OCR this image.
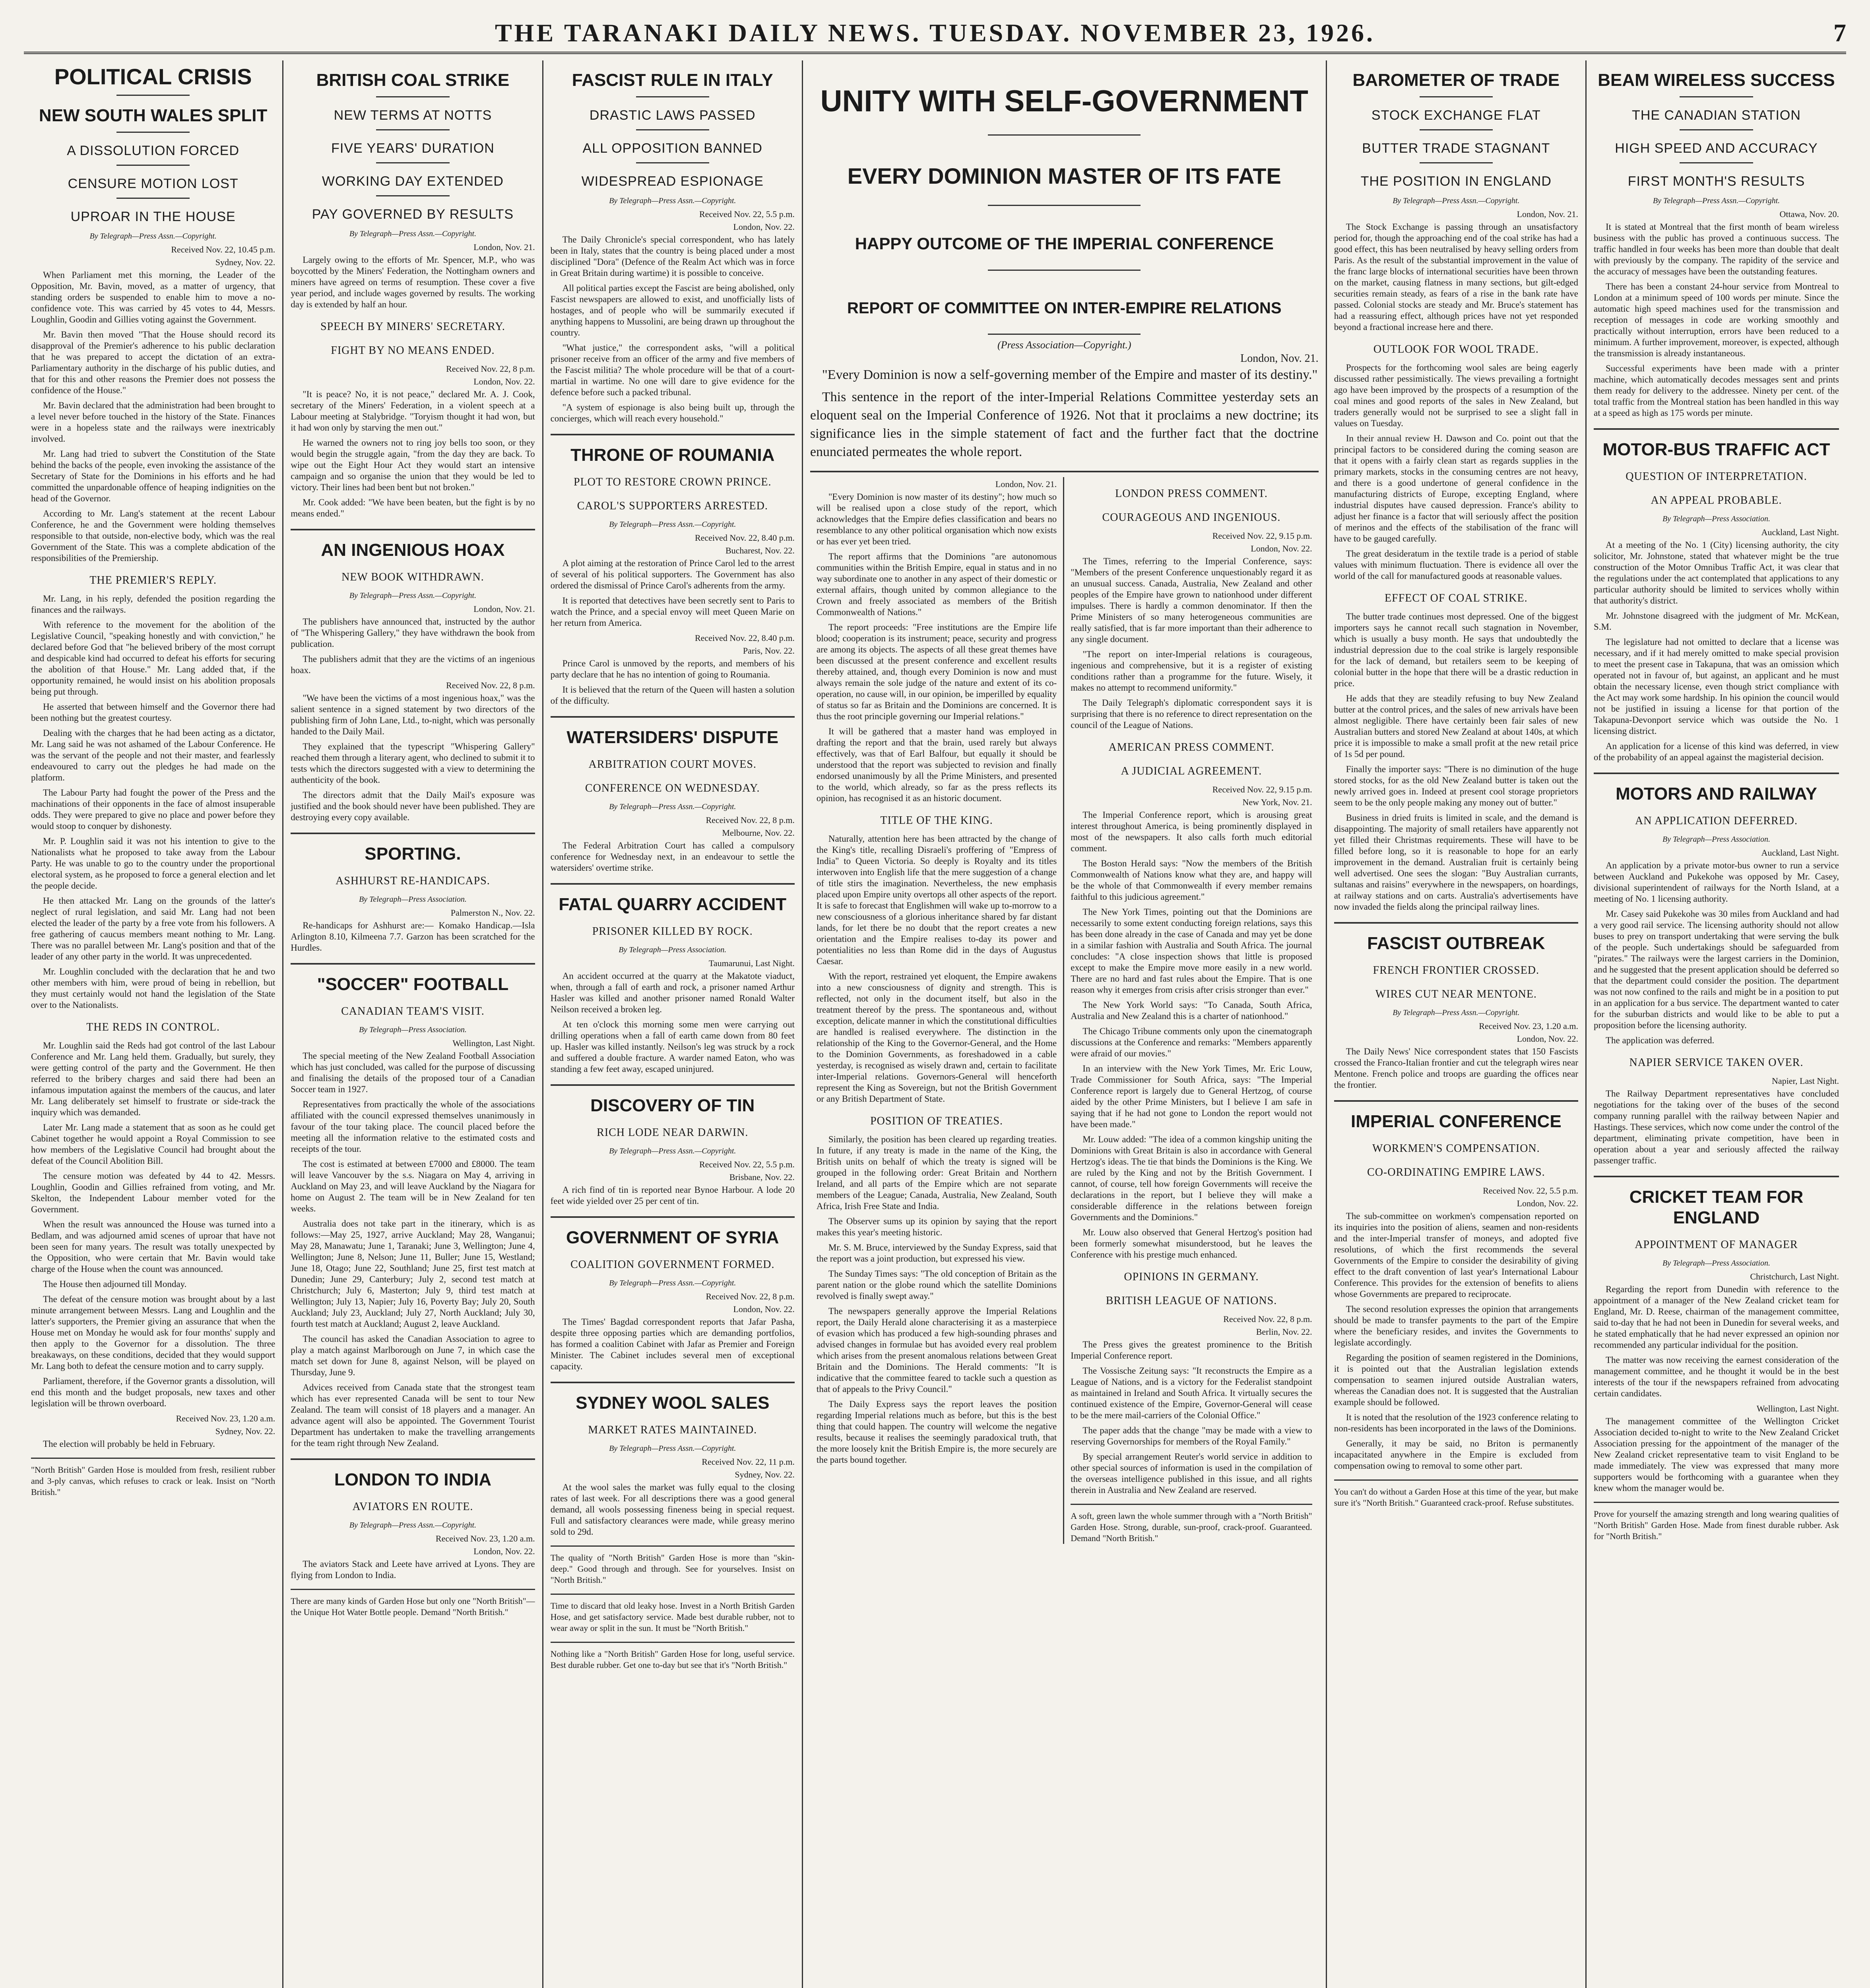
THE TARANAKI DAILY NEWS. TUESDAY. NOVEMBER 23, 1926.	7
POLITICAL CRISIS
NEW SOUTH WALES SPLIT
A DISSOLUTION FORCED
CENSURE MOTION LOST
UPROAR IN THE HOUSE
By Telegraph—Press Assn.—Copyright.
Received Nov. 22, 10.45 p.m.
Sydney, Nov. 22.

When Parliament met this morning, the Leader of the Opposition, Mr. Bavin, moved, as a matter of urgency, that standing orders be suspended to enable him to move a no-confidence vote. This was carried by 45 votes to 44, Messrs. Loughlin, Goodin and Gillies voting against the Government.

Mr. Bavin then moved "That the House should record its disapproval of the Premier's adherence to his public declaration that he was prepared to accept the dictation of an extra-Parliamentary authority in the discharge of his public duties, and that for this and other reasons the Premier does not possess the confidence of the House."

Mr. Bavin declared that the administration had been brought to a level never before touched in the history of the State. Finances were in a hopeless state and the railways were inextricably involved.

Mr. Lang had tried to subvert the Constitution of the State behind the backs of the people, even invoking the assistance of the Secretary of State for the Dominions in his efforts and he had committed the unpardonable offence of heaping indignities on the head of the Governor.

According to Mr. Lang's statement at the recent Labour Conference, he and the Government were holding themselves responsible to that outside, non-elective body, which was the real Government of the State. This was a complete abdication of the responsibilities of the Premiership.

THE PREMIER'S REPLY.

Mr. Lang, in his reply, defended the position regarding the finances and the railways.

With reference to the movement for the abolition of the Legislative Council, "speaking honestly and with conviction," he declared before God that "he believed bribery of the most corrupt and despicable kind had occurred to defeat his efforts for securing the abolition of that House." Mr. Lang added that, if the opportunity remained, he would insist on his abolition proposals being put through.

He asserted that between himself and the Governor there had been nothing but the greatest courtesy.

Dealing with the charges that he had been acting as a dictator, Mr. Lang said he was not ashamed of the Labour Conference. He was the servant of the people and not their master, and fearlessly endeavoured to carry out the pledges he had made on the platform.

The Labour Party had fought the power of the Press and the machinations of their opponents in the face of almost insuperable odds. They were prepared to give no place and power before they would stoop to conquer by dishonesty.

Mr. P. Loughlin said it was not his intention to give to the Nationalists what he proposed to take away from the Labour Party. He was unable to go to the country under the proportional electoral system, as he proposed to force a general election and let the people decide.

He then attacked Mr. Lang on the grounds of the latter's neglect of rural legislation, and said Mr. Lang had not been elected the leader of the party by a free vote from his followers. A free gathering of caucus members meant nothing to Mr. Lang. There was no parallel between Mr. Lang's position and that of the leader of any other party in the world. It was unprecedented.

Mr. Loughlin concluded with the declaration that he and two other members with him, were proud of being in rebellion, but they must certainly would not hand the legislation of the State over to the Nationalists.

THE REDS IN CONTROL.

Mr. Loughlin said the Reds had got control of the last Labour Conference and Mr. Lang held them. Gradually, but surely, they were getting control of the party and the Government. He then referred to the bribery charges and said there had been an infamous imputation against the members of the caucus, and later Mr. Lang deliberately set himself to frustrate or side-track the inquiry which was demanded.

Later Mr. Lang made a statement that as soon as he could get Cabinet together he would appoint a Royal Commission to see how members of the Legislative Council had brought about the defeat of the Council Abolition Bill.

The censure motion was defeated by 44 to 42. Messrs. Loughlin, Goodin and Gillies refrained from voting, and Mr. Skelton, the Independent Labour member voted for the Government.

When the result was announced the House was turned into a Bedlam, and was adjourned amid scenes of uproar that have not been seen for many years. The result was totally unexpected by the Opposition, who were certain that Mr. Bavin would take charge of the House when the count was announced.

The House then adjourned till Monday.

The defeat of the censure motion was brought about by a last minute arrangement between Messrs. Lang and Loughlin and the latter's supporters, the Premier giving an assurance that when the House met on Monday he would ask for four months' supply and then apply to the Governor for a dissolution. The three breakaways, on these conditions, decided that they would support Mr. Lang both to defeat the censure motion and to carry supply.

Parliament, therefore, if the Governor grants a dissolution, will end this month and the budget proposals, new taxes and other legislation will be thrown overboard.

Received Nov. 23, 1.20 a.m.
Sydney, Nov. 22.

The election will probably be held in February.

"North British" Garden Hose is moulded from fresh, resilient rubber and 3-ply canvas, which refuses to crack or leak. Insist on "North British."
BRITISH COAL STRIKE
NEW TERMS AT NOTTS
FIVE YEARS' DURATION
WORKING DAY EXTENDED
PAY GOVERNED BY RESULTS
By Telegraph—Press Assn.—Copyright.
London, Nov. 21.

Largely owing to the efforts of Mr. Spencer, M.P., who was boycotted by the Miners' Federation, the Nottingham owners and miners have agreed on terms of resumption. These cover a five year period, and include wages governed by results. The working day is extended by half an hour.

SPEECH BY MINERS' SECRETARY.
FIGHT BY NO MEANS ENDED.
Received Nov. 22, 8 p.m.
London, Nov. 22.

"It is peace? No, it is not peace," declared Mr. A. J. Cook, secretary of the Miners' Federation, in a violent speech at a Labour meeting at Stalybridge. "Toryism thought it had won, but it had won only by starving the men out."

He warned the owners not to ring joy bells too soon, or they would begin the struggle again, "from the day they are back. To wipe out the Eight Hour Act they would start an intensive campaign and so organise the union that they would be led to victory. Their lines had been bent but not broken."

Mr. Cook added: "We have been beaten, but the fight is by no means ended."

AN INGENIOUS HOAX
NEW BOOK WITHDRAWN.
By Telegraph—Press Assn.—Copyright.
London, Nov. 21.

The publishers have announced that, instructed by the author of "The Whispering Gallery," they have withdrawn the book from publication.

The publishers admit that they are the victims of an ingenious hoax.

Received Nov. 22, 8 p.m.

"We have been the victims of a most ingenious hoax," was the salient sentence in a signed statement by two directors of the publishing firm of John Lane, Ltd., to-night, which was personally handed to the Daily Mail.

They explained that the typescript "Whispering Gallery" reached them through a literary agent, who declined to submit it to tests which the directors suggested with a view to determining the authenticity of the book.

The directors admit that the Daily Mail's exposure was justified and the book should never have been published. They are destroying every copy available.

SPORTING.
ASHHURST RE-HANDICAPS.
By Telegraph—Press Association.
Palmerston N., Nov. 22.

Re-handicaps for Ashhurst are:— Komako Handicap.—Isla Arlington 8.10, Kilmeena 7.7. Garzon has been scratched for the Hurdles.

"SOCCER" FOOTBALL
CANADIAN TEAM'S VISIT.
By Telegraph—Press Association.
Wellington, Last Night.

The special meeting of the New Zealand Football Association which has just concluded, was called for the purpose of discussing and finalising the details of the proposed tour of a Canadian Soccer team in 1927.

Representatives from practically the whole of the associations affiliated with the council expressed themselves unanimously in favour of the tour taking place. The council placed before the meeting all the information relative to the estimated costs and receipts of the tour.

The cost is estimated at between £7000 and £8000. The team will leave Vancouver by the s.s. Niagara on May 4, arriving in Auckland on May 23, and will leave Auckland by the Niagara for home on August 2. The team will be in New Zealand for ten weeks.

Australia does not take part in the itinerary, which is as follows:—May 25, 1927, arrive Auckland; May 28, Wanganui; May 28, Manawatu; June 1, Taranaki; June 3, Wellington; June 4, Wellington; June 8, Nelson; June 11, Buller; June 15, Westland; June 18, Otago; June 22, Southland; June 25, first test match at Dunedin; June 29, Canterbury; July 2, second test match at Christchurch; July 6, Masterton; July 9, third test match at Wellington; July 13, Napier; July 16, Poverty Bay; July 20, South Auckland; July 23, Auckland; July 27, North Auckland; July 30, fourth test match at Auckland; August 2, leave Auckland.

The council has asked the Canadian Association to agree to play a match against Marlborough on June 7, in which case the match set down for June 8, against Nelson, will be played on Thursday, June 9.

Advices received from Canada state that the strongest team which has ever represented Canada will be sent to tour New Zealand. The team will consist of 18 players and a manager. An advance agent will also be appointed. The Government Tourist Department has undertaken to make the travelling arrangements for the team right through New Zealand.

LONDON TO INDIA
AVIATORS EN ROUTE.
By Telegraph—Press Assn.—Copyright.
Received Nov. 23, 1.20 a.m.
London, Nov. 22.

The aviators Stack and Leete have arrived at Lyons. They are flying from London to India.

There are many kinds of Garden Hose but only one "North British"—the Unique Hot Water Bottle people. Demand "North British."
FASCIST RULE IN ITALY
DRASTIC LAWS PASSED
ALL OPPOSITION BANNED
WIDESPREAD ESPIONAGE
By Telegraph—Press Assn.—Copyright.
Received Nov. 22, 5.5 p.m.
London, Nov. 22.

The Daily Chronicle's special correspondent, who has lately been in Italy, states that the country is being placed under a most disciplined "Dora" (Defence of the Realm Act which was in force in Great Britain during wartime) it is possible to conceive.

All political parties except the Fascist are being abolished, only Fascist newspapers are allowed to exist, and unofficially lists of hostages, and of people who will be summarily executed if anything happens to Mussolini, are being drawn up throughout the country.

"What justice," the correspondent asks, "will a political prisoner receive from an officer of the army and five members of the Fascist militia? The whole procedure will be that of a court-martial in wartime. No one will dare to give evidence for the defence before such a packed tribunal.

"A system of espionage is also being built up, through the concierges, which will reach every household."

THRONE OF ROUMANIA
PLOT TO RESTORE CROWN PRINCE.
CAROL'S SUPPORTERS ARRESTED.
By Telegraph—Press Assn.—Copyright.
Received Nov. 22, 8.40 p.m.
Bucharest, Nov. 22.

A plot aiming at the restoration of Prince Carol led to the arrest of several of his political supporters. The Government has also ordered the dismissal of Prince Carol's adherents from the army.

It is reported that detectives have been secretly sent to Paris to watch the Prince, and a special envoy will meet Queen Marie on her return from America.

Received Nov. 22, 8.40 p.m.
Paris, Nov. 22.

Prince Carol is unmoved by the reports, and members of his party declare that he has no intention of going to Roumania.

It is believed that the return of the Queen will hasten a solution of the difficulty.

WATERSIDERS' DISPUTE
ARBITRATION COURT MOVES.
CONFERENCE ON WEDNESDAY.
By Telegraph—Press Assn.—Copyright.
Received Nov. 22, 8 p.m.
Melbourne, Nov. 22.

The Federal Arbitration Court has called a compulsory conference for Wednesday next, in an endeavour to settle the watersiders' overtime strike.

FATAL QUARRY ACCIDENT
PRISONER KILLED BY ROCK.
By Telegraph—Press Association.
Taumarunui, Last Night.

An accident occurred at the quarry at the Makatote viaduct, when, through a fall of earth and rock, a prisoner named Arthur Hasler was killed and another prisoner named Ronald Walter Neilson received a broken leg.

At ten o'clock this morning some men were carrying out drilling operations when a fall of earth came down from 80 feet up. Hasler was killed instantly. Neilson's leg was struck by a rock and suffered a double fracture. A warder named Eaton, who was standing a few feet away, escaped uninjured.

DISCOVERY OF TIN
RICH LODE NEAR DARWIN.
By Telegraph—Press Assn.—Copyright.
Received Nov. 22, 5.5 p.m.
Brisbane, Nov. 22.

A rich find of tin is reported near Bynoe Harbour. A lode 20 feet wide yielded over 25 per cent of tin.

GOVERNMENT OF SYRIA
COALITION GOVERNMENT FORMED.
By Telegraph—Press Assn.—Copyright.
Received Nov. 22, 8 p.m.
London, Nov. 22.

The Times' Bagdad correspondent reports that Jafar Pasha, despite three opposing parties which are demanding portfolios, has formed a coalition Cabinet with Jafar as Premier and Foreign Minister. The Cabinet includes several men of exceptional capacity.

SYDNEY WOOL SALES
MARKET RATES MAINTAINED.
By Telegraph—Press Assn.—Copyright.
Received Nov. 22, 11 p.m.
Sydney, Nov. 22.

At the wool sales the market was fully equal to the closing rates of last week. For all descriptions there was a good general demand, all wools possessing fineness being in special request. Full and satisfactory clearances were made, while greasy merino sold to 29d.

The quality of "North British" Garden Hose is more than "skin-deep." Good through and through. See for yourselves. Insist on "North British."
Time to discard that old leaky hose. Invest in a North British Garden Hose, and get satisfactory service. Made best durable rubber, not to wear away or split in the sun. It must be "North British."
Nothing like a "North British" Garden Hose for long, useful service. Best durable rubber. Get one to-day but see that it's "North British."
UNITY WITH SELF-GOVERNMENT
EVERY DOMINION MASTER OF ITS FATE
HAPPY OUTCOME OF THE IMPERIAL CONFERENCE
REPORT OF COMMITTEE ON INTER-EMPIRE RELATIONS
(Press Association—Copyright.)
London, Nov. 21.

"Every Dominion is now a self-governing member of the Empire and master of its destiny."

This sentence in the report of the inter-Imperial Relations Committee yesterday sets an eloquent seal on the Imperial Conference of 1926. Not that it proclaims a new doctrine; its significance lies in the simple statement of fact and the further fact that the doctrine enunciated permeates the whole report.

London, Nov. 21.

"Every Dominion is now master of its destiny"; how much so will be realised upon a close study of the report, which acknowledges that the Empire defies classification and bears no resemblance to any other political organisation which now exists or has ever yet been tried.

The report affirms that the Dominions "are autonomous communities within the British Empire, equal in status and in no way subordinate one to another in any aspect of their domestic or external affairs, though united by common allegiance to the Crown and freely associated as members of the British Commonwealth of Nations."

The report proceeds: "Free institutions are the Empire life blood; cooperation is its instrument; peace, security and progress are among its objects. The aspects of all these great themes have been discussed at the present conference and excellent results thereby attained, and, though every Dominion is now and must always remain the sole judge of the nature and extent of its co-operation, no cause will, in our opinion, be imperilled by equality of status so far as Britain and the Dominions are concerned. It is thus the root principle governing our Imperial relations."

It will be gathered that a master hand was employed in drafting the report and that the brain, used rarely but always effectively, was that of Earl Balfour, but equally it should be understood that the report was subjected to revision and finally endorsed unanimously by all the Prime Ministers, and presented to the world, which already, so far as the press reflects its opinion, has recognised it as an historic document.

TITLE OF THE KING.

Naturally, attention here has been attracted by the change of the King's title, recalling Disraeli's proffering of "Empress of India" to Queen Victoria. So deeply is Royalty and its titles interwoven into English life that the mere suggestion of a change of title stirs the imagination. Nevertheless, the new emphasis placed upon Empire unity overtops all other aspects of the report. It is safe to forecast that Englishmen will wake up to-morrow to a new consciousness of a glorious inheritance shared by far distant lands, for let there be no doubt that the report creates a new orientation and the Empire realises to-day its power and potentialities no less than Rome did in the days of Augustus Caesar.

With the report, restrained yet eloquent, the Empire awakens into a new consciousness of dignity and strength. This is reflected, not only in the document itself, but also in the treatment thereof by the press. The spontaneous and, without exception, delicate manner in which the constitutional difficulties are handled is realised everywhere. The distinction in the relationship of the King to the Governor-General, and the Home to the Dominion Governments, as foreshadowed in a cable yesterday, is recognised as wisely drawn and, certain to facilitate inter-Imperial relations. Governors-General will henceforth represent the King as Sovereign, but not the British Government or any British Department of State.

POSITION OF TREATIES.

Similarly, the position has been cleared up regarding treaties. In future, if any treaty is made in the name of the King, the British units on behalf of which the treaty is signed will be grouped in the following order: Great Britain and Northern Ireland, and all parts of the Empire which are not separate members of the League; Canada, Australia, New Zealand, South Africa, Irish Free State and India.

The Observer sums up its opinion by saying that the report makes this year's meeting historic.

Mr. S. M. Bruce, interviewed by the Sunday Express, said that the report was a joint production, but expressed his view.

The Sunday Times says: "The old conception of Britain as the parent nation or the globe round which the satellite Dominions revolved is finally swept away."

The newspapers generally approve the Imperial Relations report, the Daily Herald alone characterising it as a masterpiece of evasion which has produced a few high-sounding phrases and advised changes in formulae but has avoided every real problem which arises from the present anomalous relations between Great Britain and the Dominions. The Herald comments: "It is indicative that the committee feared to tackle such a question as that of appeals to the Privy Council."

The Daily Express says the report leaves the position regarding Imperial relations much as before, but this is the best thing that could happen. The country will welcome the negative results, because it realises the seemingly paradoxical truth, that the more loosely knit the British Empire is, the more securely are the parts bound together.

LONDON PRESS COMMENT.
COURAGEOUS AND INGENIOUS.
Received Nov. 22, 9.15 p.m.
London, Nov. 22.

The Times, referring to the Imperial Conference, says: "Members of the present Conference unquestionably regard it as an unusual success. Canada, Australia, New Zealand and other peoples of the Empire have grown to nationhood under different impulses. There is hardly a common denominator. If then the Prime Ministers of so many heterogeneous communities are really satisfied, that is far more important than their adherence to any single document.

"The report on inter-Imperial relations is courageous, ingenious and comprehensive, but it is a register of existing conditions rather than a programme for the future. Wisely, it makes no attempt to recommend uniformity."

The Daily Telegraph's diplomatic correspondent says it is surprising that there is no reference to direct representation on the council of the League of Nations.

AMERICAN PRESS COMMENT.
A JUDICIAL AGREEMENT.
Received Nov. 22, 9.15 p.m.
New York, Nov. 21.

The Imperial Conference report, which is arousing great interest throughout America, is being prominently displayed in most of the newspapers. It also calls forth much editorial comment.

The Boston Herald says: "Now the members of the British Commonwealth of Nations know what they are, and happy will be the whole of that Commonwealth if every member remains faithful to this judicious agreement."

The New York Times, pointing out that the Dominions are necessarily to some extent conducting foreign relations, says this has been done already in the case of Canada and may yet be done in a similar fashion with Australia and South Africa. The journal concludes: "A close inspection shows that little is proposed except to make the Empire move more easily in a new world. There are no hard and fast rules about the Empire. That is one reason why it emerges from crisis after crisis stronger than ever."

The New York World says: "To Canada, South Africa, Australia and New Zealand this is a charter of nationhood."

The Chicago Tribune comments only upon the cinematograph discussions at the Conference and remarks: "Members apparently were afraid of our movies."

In an interview with the New York Times, Mr. Eric Louw, Trade Commissioner for South Africa, says: "The Imperial Conference report is largely due to General Hertzog, of course aided by the other Prime Ministers, but I believe I am safe in saying that if he had not gone to London the report would not have been made."

Mr. Louw added: "The idea of a common kingship uniting the Dominions with Great Britain is also in accordance with General Hertzog's ideas. The tie that binds the Dominions is the King. We are ruled by the King and not by the British Government. I cannot, of course, tell how foreign Governments will receive the declarations in the report, but I believe they will make a considerable difference in the relations between foreign Governments and the Dominions."

Mr. Louw also observed that General Hertzog's position had been formerly somewhat misunderstood, but he leaves the Conference with his prestige much enhanced.

OPINIONS IN GERMANY.
BRITISH LEAGUE OF NATIONS.
Received Nov. 22, 8 p.m.
Berlin, Nov. 22.

The Press gives the greatest prominence to the British Imperial Conference report.

The Vossische Zeitung says: "It reconstructs the Empire as a League of Nations, and is a victory for the Federalist standpoint as maintained in Ireland and South Africa. It virtually secures the continued existence of the Empire, Governor-General will cease to be the mere mail-carriers of the Colonial Office."

The paper adds that the change "may be made with a view to reserving Governorships for members of the Royal Family."

By special arrangement Reuter's world service in addition to other special sources of information is used in the compilation of the overseas intelligence published in this issue, and all rights therein in Australia and New Zealand are reserved.

A soft, green lawn the whole summer through with a "North British" Garden Hose. Strong, durable, sun-proof, crack-proof. Guaranteed. Demand "North British."
BAROMETER OF TRADE
STOCK EXCHANGE FLAT
BUTTER TRADE STAGNANT
THE POSITION IN ENGLAND
By Telegraph—Press Assn.—Copyright.
London, Nov. 21.

The Stock Exchange is passing through an unsatisfactory period for, though the approaching end of the coal strike has had a good effect, this has been neutralised by heavy selling orders from Paris. As the result of the substantial improvement in the value of the franc large blocks of international securities have been thrown on the market, causing flatness in many sections, but gilt-edged securities remain steady, as fears of a rise in the bank rate have passed. Colonial stocks are steady and Mr. Bruce's statement has had a reassuring effect, although prices have not yet responded beyond a fractional increase here and there.

OUTLOOK FOR WOOL TRADE.

Prospects for the forthcoming wool sales are being eagerly discussed rather pessimistically. The views prevailing a fortnight ago have been improved by the prospects of a resumption of the coal mines and good reports of the sales in New Zealand, but traders generally would not be surprised to see a slight fall in values on Tuesday.

In their annual review H. Dawson and Co. point out that the principal factors to be considered during the coming season are that it opens with a fairly clean start as regards supplies in the primary markets, stocks in the consuming centres are not heavy, and there is a good undertone of general confidence in the manufacturing districts of Europe, excepting England, where industrial disputes have caused depression. France's ability to adjust her finance is a factor that will seriously affect the position of merinos and the effects of the stabilisation of the franc will have to be gauged carefully.

The great desideratum in the textile trade is a period of stable values with minimum fluctuation. There is evidence all over the world of the call for manufactured goods at reasonable values.

EFFECT OF COAL STRIKE.

The butter trade continues most depressed. One of the biggest importers says he cannot recall such stagnation in November, which is usually a busy month. He says that undoubtedly the industrial depression due to the coal strike is largely responsible for the lack of demand, but retailers seem to be keeping of colonial butter in the hope that there will be a drastic reduction in price.

He adds that they are steadily refusing to buy New Zealand butter at the control prices, and the sales of new arrivals have been almost negligible. There have certainly been fair sales of new Australian butters and stored New Zealand at about 140s, at which price it is impossible to make a small profit at the new retail price of 1s 5d per pound.

Finally the importer says: "There is no diminution of the huge stored stocks, for as the old New Zealand butter is taken out the newly arrived goes in. Indeed at present cool storage proprietors seem to be the only people making any money out of butter."

Business in dried fruits is limited in scale, and the demand is disappointing. The majority of small retailers have apparently not yet filled their Christmas requirements. These will have to be filled before long, so it is reasonable to hope for an early improvement in the demand. Australian fruit is certainly being well advertised. One sees the slogan: "Buy Australian currants, sultanas and raisins" everywhere in the newspapers, on hoardings, at railway stations and on carts. Australia's advertisements have now invaded the fields along the principal railway lines.

FASCIST OUTBREAK
FRENCH FRONTIER CROSSED.
WIRES CUT NEAR MENTONE.
By Telegraph—Press Assn.—Copyright.
Received Nov. 23, 1.20 a.m.
London, Nov. 22.

The Daily News' Nice correspondent states that 150 Fascists crossed the Franco-Italian frontier and cut the telegraph wires near Mentone. French police and troops are guarding the offices near the frontier.

IMPERIAL CONFERENCE
WORKMEN'S COMPENSATION.
CO-ORDINATING EMPIRE LAWS.
Received Nov. 22, 5.5 p.m.
London, Nov. 22.

The sub-committee on workmen's compensation reported on its inquiries into the position of aliens, seamen and non-residents and the inter-Imperial transfer of moneys, and adopted five resolutions, of which the first recommends the several Governments of the Empire to consider the desirability of giving effect to the draft convention of last year's International Labour Conference. This provides for the extension of benefits to aliens whose Governments are prepared to reciprocate.

The second resolution expresses the opinion that arrangements should be made to transfer payments to the part of the Empire where the beneficiary resides, and invites the Governments to legislate accordingly.

Regarding the position of seamen registered in the Dominions, it is pointed out that the Australian legislation extends compensation to seamen injured outside Australian waters, whereas the Canadian does not. It is suggested that the Australian example should be followed.

It is noted that the resolution of the 1923 conference relating to non-residents has been incorporated in the laws of the Dominions.

Generally, it may be said, no Briton is permanently incapacitated anywhere in the Empire is excluded from compensation owing to removal to some other part.

You can't do without a Garden Hose at this time of the year, but make sure it's "North British." Guaranteed crack-proof. Refuse substitutes.
BEAM WIRELESS SUCCESS
THE CANADIAN STATION
HIGH SPEED AND ACCURACY
FIRST MONTH'S RESULTS
By Telegraph—Press Assn.—Copyright.
Ottawa, Nov. 20.

It is stated at Montreal that the first month of beam wireless business with the public has proved a continuous success. The traffic handled in four weeks has been more than double that dealt with previously by the company. The rapidity of the service and the accuracy of messages have been the outstanding features.

There has been a constant 24-hour service from Montreal to London at a minimum speed of 100 words per minute. Since the automatic high speed machines used for the transmission and reception of messages in code are working smoothly and practically without interruption, errors have been reduced to a minimum. A further improvement, moreover, is expected, although the transmission is already instantaneous.

Successful experiments have been made with a printer machine, which automatically decodes messages sent and prints them ready for delivery to the addressee. Ninety per cent. of the total traffic from the Montreal station has been handled in this way at a speed as high as 175 words per minute.

MOTOR-BUS TRAFFIC ACT
QUESTION OF INTERPRETATION.
AN APPEAL PROBABLE.
By Telegraph—Press Association.
Auckland, Last Night.

At a meeting of the No. 1 (City) licensing authority, the city solicitor, Mr. Johnstone, stated that whatever might be the true construction of the Motor Omnibus Traffic Act, it was clear that the regulations under the act contemplated that applications to any particular authority should be limited to services wholly within that authority's district.

Mr. Johnstone disagreed with the judgment of Mr. McKean, S.M.

The legislature had not omitted to declare that a license was necessary, and if it had merely omitted to make special provision to meet the present case in Takapuna, that was an omission which operated not in favour of, but against, an applicant and he must obtain the necessary license, even though strict compliance with the Act may work some hardship. In his opinion the council would not be justified in issuing a license for that portion of the Takapuna-Devonport service which was outside the No. 1 licensing district.

An application for a license of this kind was deferred, in view of the probability of an appeal against the magisterial decision.

MOTORS AND RAILWAY
AN APPLICATION DEFERRED.
By Telegraph—Press Association.
Auckland, Last Night.

An application by a private motor-bus owner to run a service between Auckland and Pukekohe was opposed by Mr. Casey, divisional superintendent of railways for the North Island, at a meeting of No. 1 licensing authority.

Mr. Casey said Pukekohe was 30 miles from Auckland and had a very good rail service. The licensing authority should not allow buses to prey on transport undertaking that were serving the bulk of the people. Such undertakings should be safeguarded from "pirates." The railways were the largest carriers in the Dominion, and he suggested that the present application should be deferred so that the department could consider the position. The department was not now confined to the rails and might be in a position to put in an application for a bus service. The department wanted to cater for the suburban districts and would like to be able to put a proposition before the licensing authority.

The application was deferred.

NAPIER SERVICE TAKEN OVER.
Napier, Last Night.

The Railway Department representatives have concluded negotiations for the taking over of the buses of the second company running parallel with the railway between Napier and Hastings. These services, which now come under the control of the department, eliminating private competition, have been in operation about a year and seriously affected the railway passenger traffic.

CRICKET TEAM FOR ENGLAND
APPOINTMENT OF MANAGER
By Telegraph—Press Association.
Christchurch, Last Night.

Regarding the report from Dunedin with reference to the appointment of a manager of the New Zealand cricket team for England, Mr. D. Reese, chairman of the management committee, said to-day that he had not been in Dunedin for several weeks, and he stated emphatically that he had never expressed an opinion nor recommended any particular individual for the position.

The matter was now receiving the earnest consideration of the management committee, and he thought it would be in the best interests of the tour if the newspapers refrained from advocating certain candidates.

Wellington, Last Night.

The management committee of the Wellington Cricket Association decided to-night to write to the New Zealand Cricket Association pressing for the appointment of the manager of the New Zealand cricket representative team to visit England to be made immediately. The view was expressed that many more supporters would be forthcoming with a guarantee when they knew whom the manager would be.

Prove for yourself the amazing strength and long wearing qualities of "North British" Garden Hose. Made from finest durable rubber. Ask for "North British."
